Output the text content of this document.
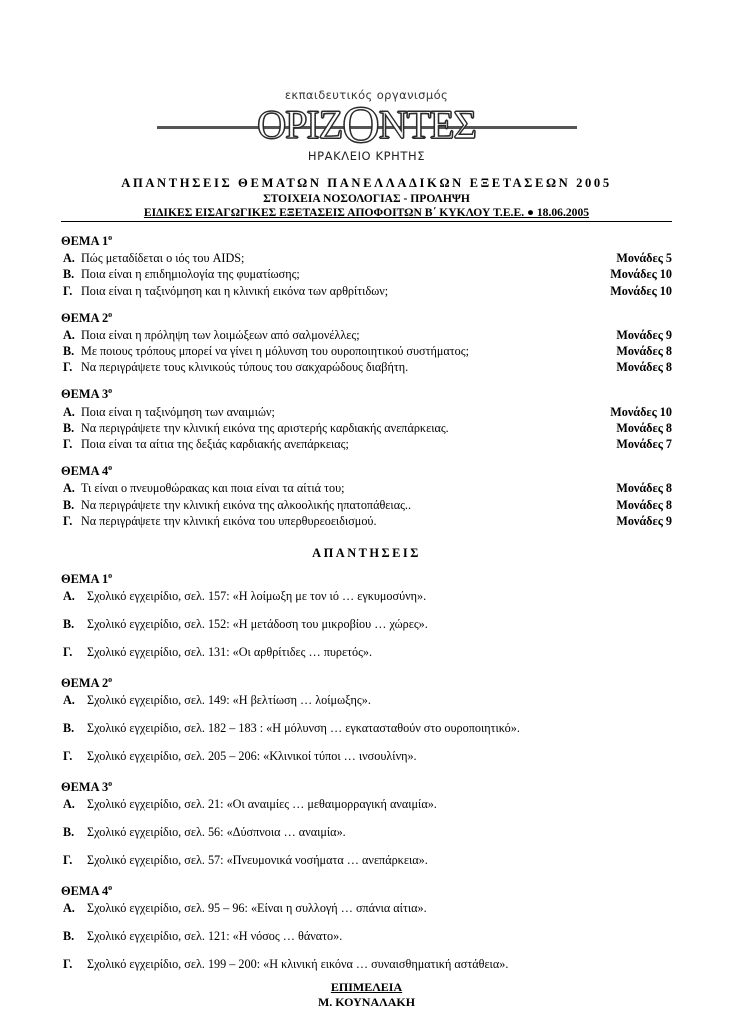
εκπαιδευτικός οργανισμός
ΟΡΙΖΟΝΤΕΣ
ΗΡΑΚΛΕΙΟ ΚΡΗΤΗΣ
ΑΠΑΝΤΗΣΕΙΣ ΘΕΜΑΤΩΝ ΠΑΝΕΛΛΑΔΙΚΩΝ ΕΞΕΤΑΣΕΩΝ 2005
ΣΤΟΙΧΕΙΑ ΝΟΣΟΛΟΓΙΑΣ - ΠΡΟΛΗΨΗ
ΕΙΔΙΚΕΣ ΕΙΣΑΓΩΓΙΚΕΣ ΕΞΕΤΑΣΕΙΣ ΑΠΟΦΟΙΤΩΝ Β΄ ΚΥΚΛΟΥ Τ.Ε.Ε. ● 18.06.2005
ΘΕΜΑ $1^o$
Α. Πώς μεταδίδεται ο ιός του AIDS;	Μονάδες 5
Β. Ποια είναι η επιδημιολογία της φυματίωσης;	Μονάδες 10
Γ. Ποια είναι η ταξινόμηση και η κλινική εικόνα των αρθρίτιδων;	Μονάδες 10
ΘΕΜΑ $2^o$
Α. Ποια είναι η πρόληψη των λοιμώξεων από σαλμονέλλες;	Μονάδες 9
Β. Με ποιους τρόπους μπορεί να γίνει η μόλυνση του ουροποιητικού συστήματος;	Μονάδες 8
Γ. Να περιγράψετε τους κλινικούς τύπους του σακχαρώδους διαβήτη.	Μονάδες 8
ΘΕΜΑ $3^o$
Α. Ποια είναι η ταξινόμηση των αναιμιών;	Μονάδες 10
Β. Να περιγράψετε την κλινική εικόνα της αριστερής καρδιακής ανεπάρκειας.	Μονάδες 8
Γ. Ποια είναι τα αίτια της δεξιάς καρδιακής ανεπάρκειας;	Μονάδες 7
ΘΕΜΑ $4^o$
Α. Τι είναι ο πνευμοθώρακας και ποια είναι τα αίτιά του;	Μονάδες 8
Β. Να περιγράψετε την κλινική εικόνα της αλκοολικής ηπατοπάθειας..	Μονάδες 8
Γ. Να περιγράψετε την κλινική εικόνα του υπερθυρεοειδισμού.	Μονάδες 9
ΑΠΑΝΤΗΣΕΙΣ
ΘΕΜΑ $1^o$
Α. Σχολικό εγχειρίδιο, σελ. 157: «Η λοίμωξη με τον ιό … εγκυμοσύνη».
Β.	Σχολικό εγχειρίδιο, σελ. 152: «Η μετάδοση του μικροβίου … χώρες».
Γ.	Σχολικό εγχειρίδιο, σελ. 131: «Οι αρθρίτιδες … πυρετός».
ΘΕΜΑ $2^o$
Α. Σχολικό εγχειρίδιο, σελ. 149: «Η βελτίωση … λοίμωξης».
Β.	Σχολικό εγχειρίδιο, σελ. 182 – 183 : «Η μόλυνση … εγκατασταθούν στο ουροποιητικό».
Γ.	Σχολικό εγχειρίδιο, σελ. 205 – 206: «Κλινικοί τύποι … ινσουλίνη».
ΘΕΜΑ $3^o$
Α. Σχολικό εγχειρίδιο, σελ. 21: «Οι αναιμίες … μεθαιμορραγική αναιμία».
Β.	Σχολικό εγχειρίδιο, σελ. 56: «Δύσπνοια … αναιμία».
Γ.	Σχολικό εγχειρίδιο, σελ. 57: «Πνευμονικά νοσήματα … ανεπάρκεια».
ΘΕΜΑ $4^o$
Α. Σχολικό εγχειρίδιο, σελ. 95 – 96: «Είναι η συλλογή … σπάνια αίτια».
Β.	Σχολικό εγχειρίδιο, σελ. 121: «Η νόσος … θάνατο».
Γ.	Σχολικό εγχειρίδιο, σελ. 199 – 200: «Η κλινική εικόνα … συναισθηματική αστάθεια».
ΕΠΙΜΕΛΕΙΑ
Μ. ΚΟΥΝΑΛΑΚΗ
